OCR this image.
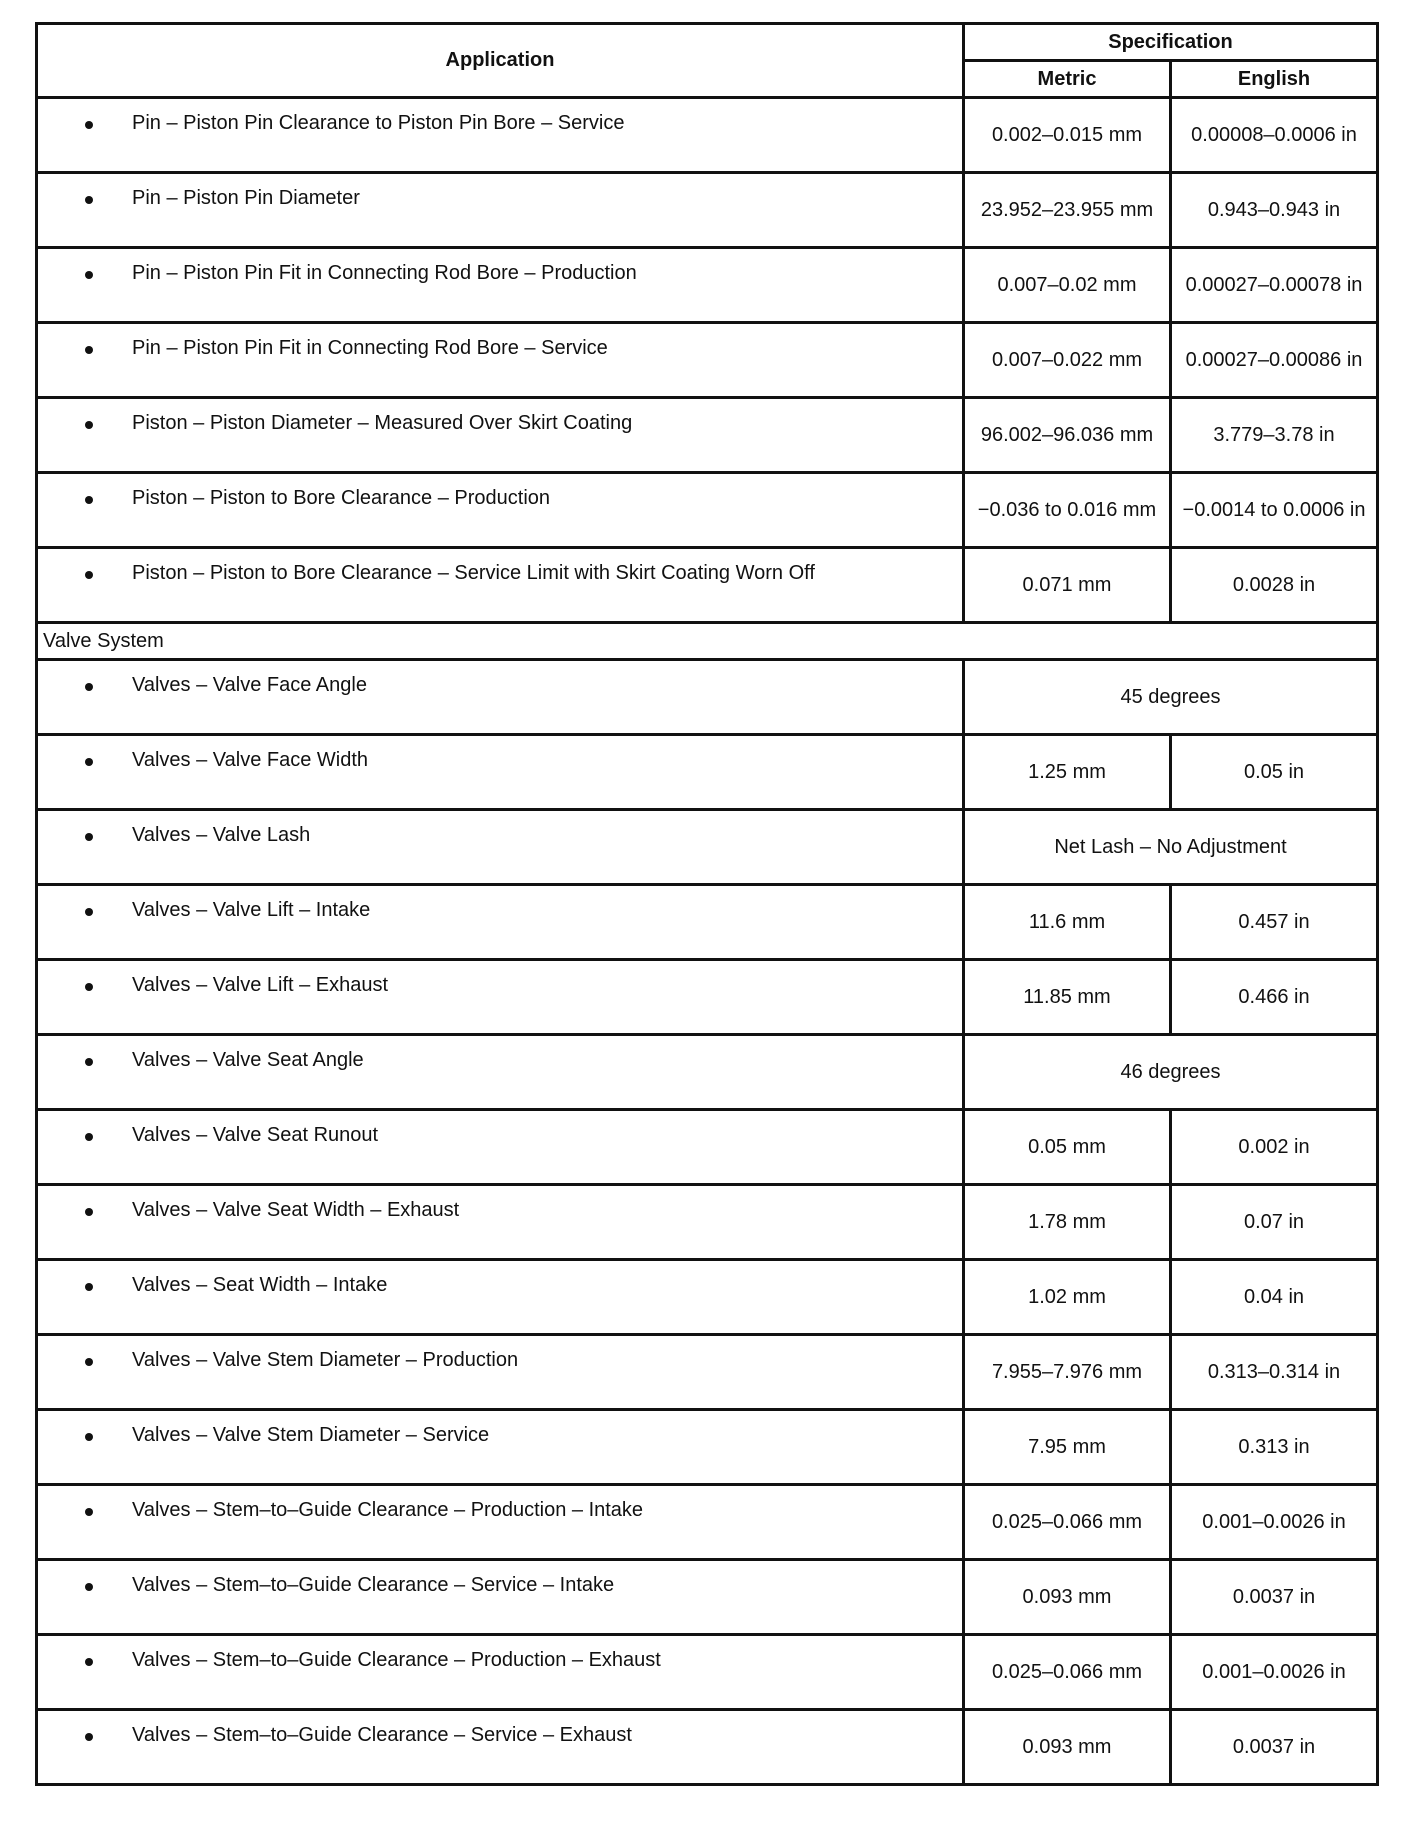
Application	Specification	
	Metric	English

Pin – Piston Pin Clearance to Piston Pin Bore – Service	0.002–0.015 mm	0.00008–0.0006 in

Pin – Piston Pin Diameter	23.952–23.955 mm	0.943–0.943 in

Pin – Piston Pin Fit in Connecting Rod Bore – Production	0.007–0.02 mm	0.00027–0.00078 in

Pin – Piston Pin Fit in Connecting Rod Bore – Service	0.007–0.022 mm	0.00027–0.00086 in

Piston – Piston Diameter – Measured Over Skirt Coating	96.002–96.036 mm	3.779–3.78 in

Piston – Piston to Bore Clearance – Production	−0.036 to 0.016 mm	−0.0014 to 0.0006 in

Piston – Piston to Bore Clearance – Service Limit with Skirt Coating Worn Off	0.071 mm	0.0028 in
Valve System		

Valves – Valve Face Angle	45 degrees	

Valves – Valve Face Width	1.25 mm	0.05 in

Valves – Valve Lash	Net Lash – No Adjustment	

Valves – Valve Lift – Intake	11.6 mm	0.457 in

Valves – Valve Lift – Exhaust	11.85 mm	0.466 in

Valves – Valve Seat Angle	46 degrees	

Valves – Valve Seat Runout	0.05 mm	0.002 in

Valves – Valve Seat Width – Exhaust	1.78 mm	0.07 in

Valves – Seat Width – Intake	1.02 mm	0.04 in

Valves – Valve Stem Diameter – Production	7.955–7.976 mm	0.313–0.314 in

Valves – Valve Stem Diameter – Service	7.95 mm	0.313 in

Valves – Stem–to–Guide Clearance – Production – Intake	0.025–0.066 mm	0.001–0.0026 in

Valves – Stem–to–Guide Clearance – Service – Intake	0.093 mm	0.0037 in

Valves – Stem–to–Guide Clearance – Production – Exhaust	0.025–0.066 mm	0.001–0.0026 in

Valves – Stem–to–Guide Clearance – Service – Exhaust	0.093 mm	0.0037 in
